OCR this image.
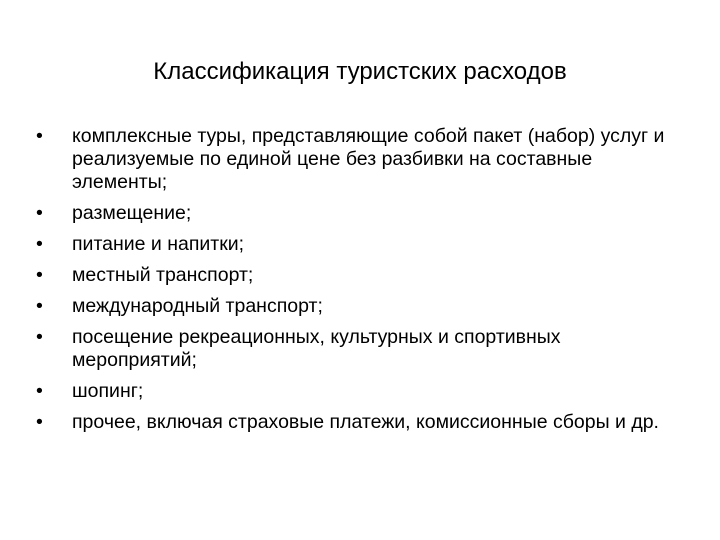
Классификация туристских расходов
•	комплексные туры, представляющие собой пакет (набор) услуг и реализуемые по единой цене без разбивки на составные элементы;
•	размещение;
•	питание и напитки;
•	местный транспорт;
•	международный транспорт;
•	посещение рекреационных, культурных и спортивных мероприятий;
•	шопинг;
•	прочее, включая страховые платежи, комиссионные сборы и др.
